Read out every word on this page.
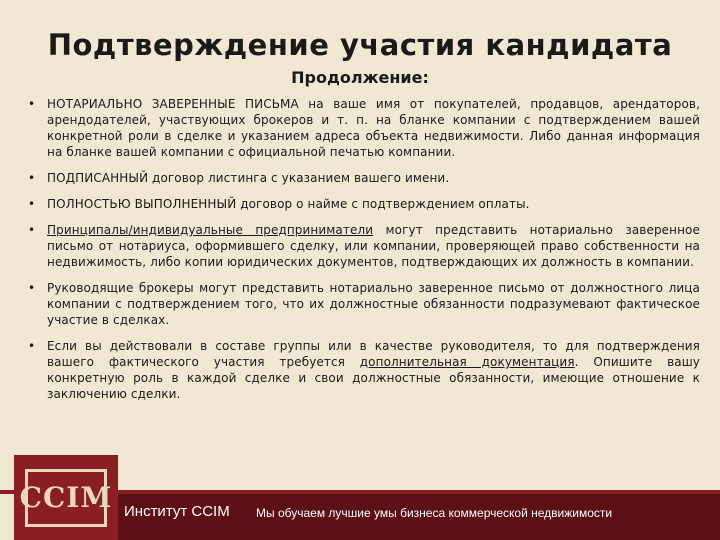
Подтверждение участия кандидата
Продолжение:
• НОТАРИАЛЬНО ЗАВЕРЕННЫЕ ПИСЬМА на ваше имя от покупателей, продавцов, арендаторов, арендодателей, участвующих брокеров и т. п. на бланке компании с подтверждением вашей конкретной роли в сделке и указанием адреса объекта недвижимости. Либо данная информация на бланке вашей компании с официальной печатью компании.
• ПОДПИСАННЫЙ договор листинга с указанием вашего имени.
• ПОЛНОСТЬЮ ВЫПОЛНЕННЫЙ договор о найме с подтверждением оплаты.
• Принципалы/индивидуальные предприниматели могут представить нотариально заверенное письмо от нотариуса, оформившего сделку, или компании, проверяющей право собственности на недвижимость, либо копии юридических документов, подтверждающих их должность в компании.
• Руководящие брокеры могут представить нотариально заверенное письмо от должностного лица компании с подтверждением того, что их должностные обязанности подразумевают фактическое участие в сделках.
• Если вы действовали в составе группы или в качестве руководителя, то для подтверждения вашего фактического участия требуется дополнительная документация. Опишите вашу конкретную роль в каждой сделке и свои должностные обязанности, имеющие отношение к заключению сделки.
CCIM Институт CCIM Мы обучаем лучшие умы бизнеса коммерческой недвижимости
